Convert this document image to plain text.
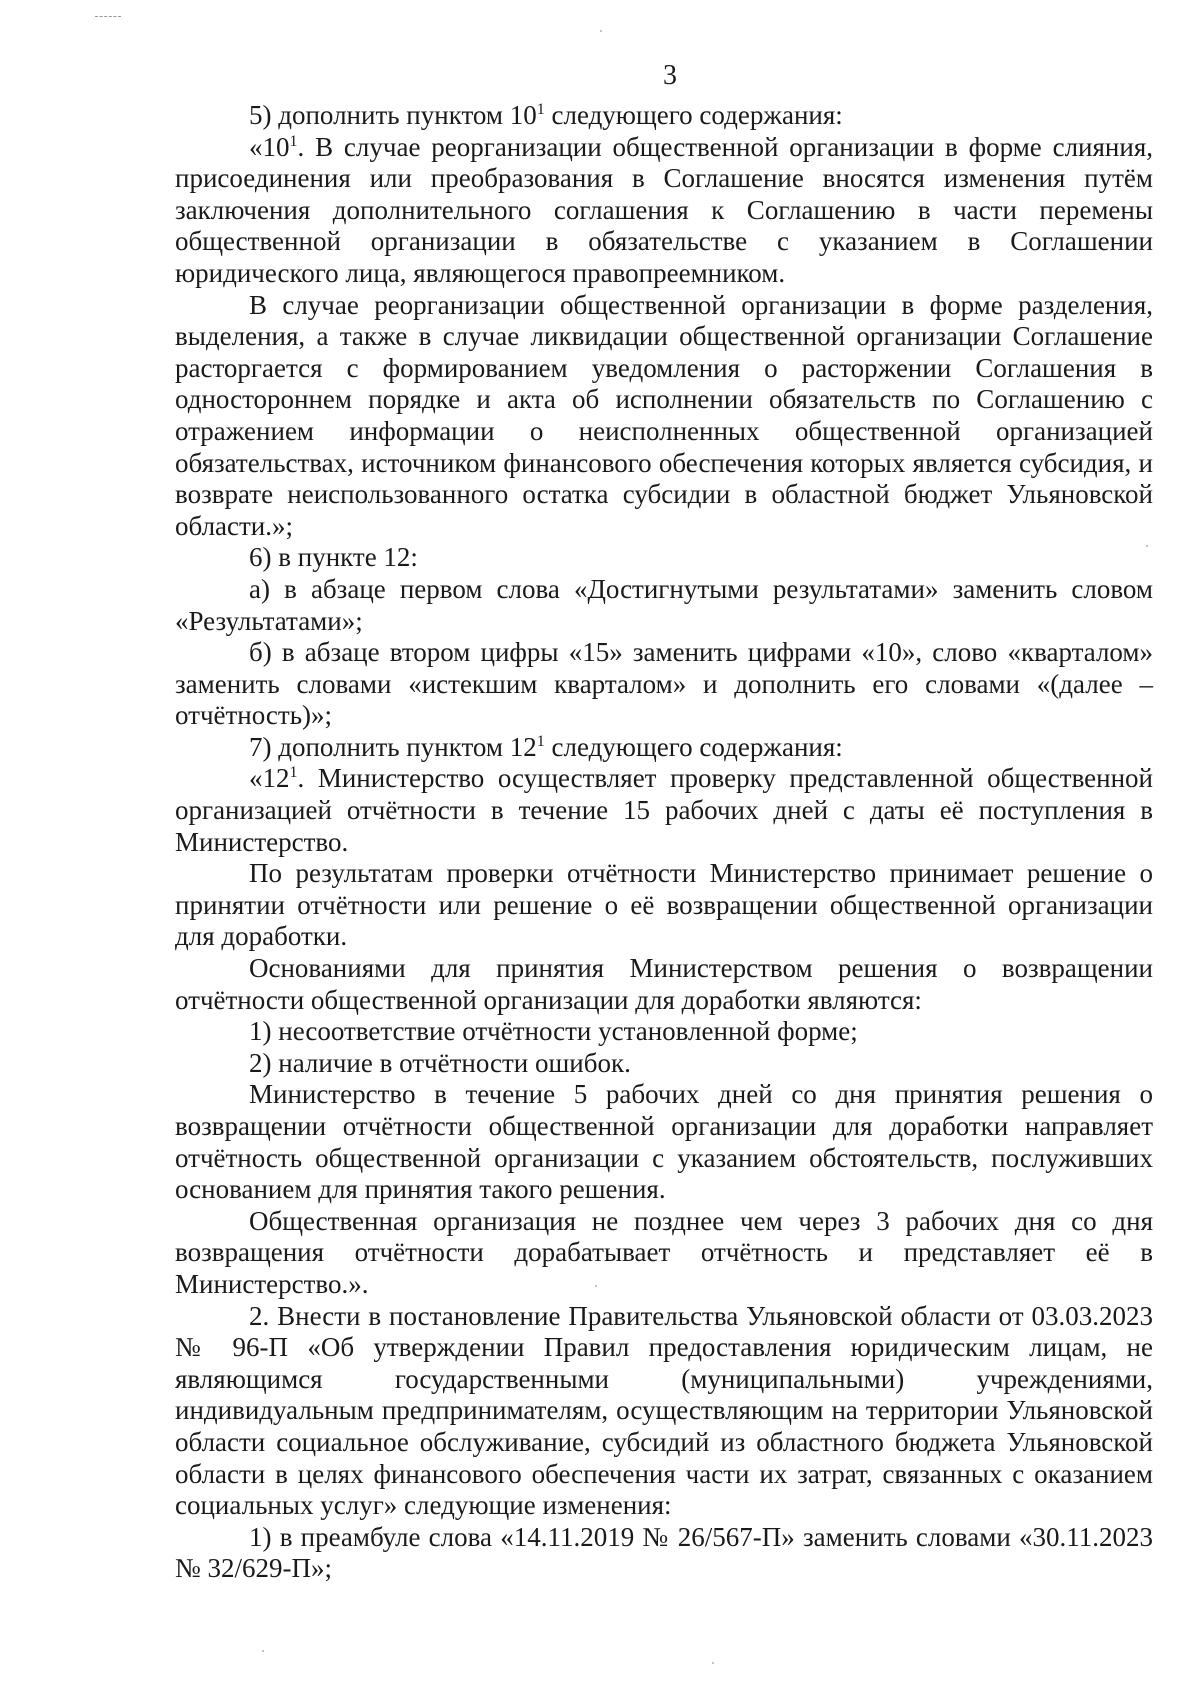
3

5) дополнить пунктом $10^1$ следующего содержания:

«$10^1$. В случае реорганизации общественной организации в форме слияния, присоединения или преобразования в Соглашение вносятся изменения путём заключения дополнительного соглашения к Соглашению в части перемены общественной организации в обязательстве с указанием в Соглашении юридического лица, являющегося правопреемником.

В случае реорганизации общественной организации в форме разделения, выделения, а также в случае ликвидации общественной организации Соглашение расторгается с формированием уведомления о расторжении Соглашения в одностороннем порядке и акта об исполнении обязательств по Соглашению с отражением информации о неисполненных общественной организацией обязательствах, источником финансового обеспечения которых является субсидия, и возврате неиспользованного остатка субсидии в областной бюджет Ульяновской области.»;

6) в пункте 12:

а) в абзаце первом слова «Достигнутыми результатами» заменить словом «Результатами»;

б) в абзаце втором цифры «15» заменить цифрами «10», слово «кварталом» заменить словами «истекшим кварталом» и дополнить его словами «(далее – отчётность)»;

7) дополнить пунктом $12^1$ следующего содержания:

«$12^1$. Министерство осуществляет проверку представленной общественной организацией отчётности в течение 15 рабочих дней с даты её поступления в Министерство.

По результатам проверки отчётности Министерство принимает решение о принятии отчётности или решение о её возвращении общественной организации для доработки.

Основаниями для принятия Министерством решения о возвращении отчётности общественной организации для доработки являются:

1) несоответствие отчётности установленной форме;

2) наличие в отчётности ошибок.

Министерство в течение 5 рабочих дней со дня принятия решения о возвращении отчётности общественной организации для доработки направляет отчётность общественной организации с указанием обстоятельств, послуживших основанием для принятия такого решения.

Общественная организация не позднее чем через 3 рабочих дня со дня возвращения отчётности дорабатывает отчётность и представляет её в Министерство.».

2. Внести в постановление Правительства Ульяновской области от 03.03.2023 № 96-П «Об утверждении Правил предоставления юридическим лицам, не являющимся государственными (муниципальными) учреждениями, индивидуальным предпринимателям, осуществляющим на территории Ульяновской области социальное обслуживание, субсидий из областного бюджета Ульяновской области в целях финансового обеспечения части их затрат, связанных с оказанием социальных услуг» следующие изменения:

1) в преамбуле слова «14.11.2019 № 26/567-П» заменить словами «30.11.2023 № 32/629-П»;
